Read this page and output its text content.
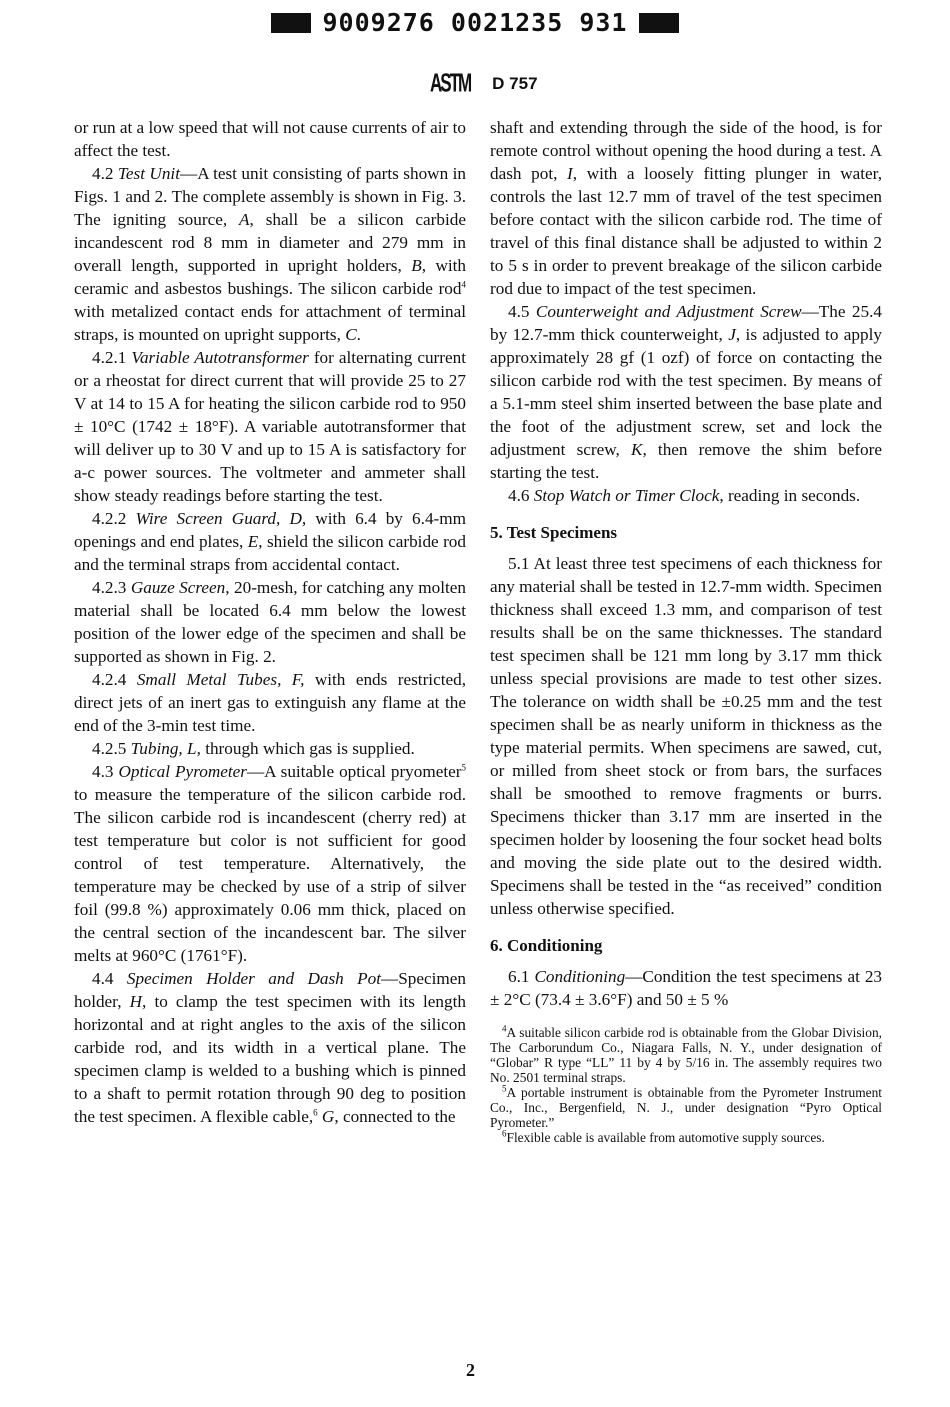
9009276 0021235 931
ASTM D 757

or run at a low speed that will not cause currents of air to affect the test.

4.2 Test Unit—A test unit consisting of parts shown in Figs. 1 and 2. The complete assembly is shown in Fig. 3. The igniting source, A, shall be a silicon carbide incandescent rod 8 mm in diameter and 279 mm in overall length, supported in upright holders, B, with ceramic and asbestos bushings. The silicon carbide rod$^4$ with metalized contact ends for attachment of terminal straps, is mounted on upright supports, C.

4.2.1 Variable Autotransformer for alternating current or a rheostat for direct current that will provide 25 to 27 V at 14 to 15 A for heating the silicon carbide rod to 950 ± 10°C (1742 ± 18°F). A variable autotransformer that will deliver up to 30 V and up to 15 A is satisfactory for a-c power sources. The voltmeter and ammeter shall show steady readings before starting the test.

4.2.2 Wire Screen Guard, D, with 6.4 by 6.4-mm openings and end plates, E, shield the silicon carbide rod and the terminal straps from accidental contact.

4.2.3 Gauze Screen, 20-mesh, for catching any molten material shall be located 6.4 mm below the lowest position of the lower edge of the specimen and shall be supported as shown in Fig. 2.

4.2.4 Small Metal Tubes, F, with ends restricted, direct jets of an inert gas to extinguish any flame at the end of the 3-min test time.

4.2.5 Tubing, L, through which gas is supplied.

4.3 Optical Pyrometer—A suitable optical pryometer$^5$ to measure the temperature of the silicon carbide rod. The silicon carbide rod is incandescent (cherry red) at test temperature but color is not sufficient for good control of test temperature. Alternatively, the temperature may be checked by use of a strip of silver foil (99.8 %) approximately 0.06 mm thick, placed on the central section of the incandescent bar. The silver melts at 960°C (1761°F).

4.4 Specimen Holder and Dash Pot—Specimen holder, H, to clamp the test specimen with its length horizontal and at right angles to the axis of the silicon carbide rod, and its width in a vertical plane. The specimen clamp is welded to a bushing which is pinned to a shaft to permit rotation through 90 deg to position the test specimen. A flexible cable,$^6$ G, connected to the

shaft and extending through the side of the hood, is for remote control without opening the hood during a test. A dash pot, I, with a loosely fitting plunger in water, controls the last 12.7 mm of travel of the test specimen before contact with the silicon carbide rod. The time of travel of this final distance shall be adjusted to within 2 to 5 s in order to prevent breakage of the silicon carbide rod due to impact of the test specimen.

4.5 Counterweight and Adjustment Screw—The 25.4 by 12.7-mm thick counterweight, J, is adjusted to apply approximately 28 gf (1 ozf) of force on contacting the silicon carbide rod with the test specimen. By means of a 5.1-mm steel shim inserted between the base plate and the foot of the adjustment screw, set and lock the adjustment screw, K, then remove the shim before starting the test.

4.6 Stop Watch or Timer Clock, reading in seconds.

5. Test Specimens

5.1 At least three test specimens of each thickness for any material shall be tested in 12.7-mm width. Specimen thickness shall exceed 1.3 mm, and comparison of test results shall be on the same thicknesses. The standard test specimen shall be 121 mm long by 3.17 mm thick unless special provisions are made to test other sizes. The tolerance on width shall be ±0.25 mm and the test specimen shall be as nearly uniform in thickness as the type material permits. When specimens are sawed, cut, or milled from sheet stock or from bars, the surfaces shall be smoothed to remove fragments or burrs. Specimens thicker than 3.17 mm are inserted in the specimen holder by loosening the four socket head bolts and moving the side plate out to the desired width. Specimens shall be tested in the “as received” condition unless otherwise specified.

6. Conditioning

6.1 Conditioning—Condition the test specimens at 23 ± 2°C (73.4 ± 3.6°F) and 50 ± 5 %

$^4$A suitable silicon carbide rod is obtainable from the Globar Division, The Carborundum Co., Niagara Falls, N. Y., under designation of “Globar” R type “LL” 11 by 4 by 5/16 in. The assembly requires two No. 2501 terminal straps.

$^5$A portable instrument is obtainable from the Pyrometer Instrument Co., Inc., Bergenfield, N. J., under designation “Pyro Optical Pyrometer.”

$^6$Flexible cable is available from automotive supply sources.

2
